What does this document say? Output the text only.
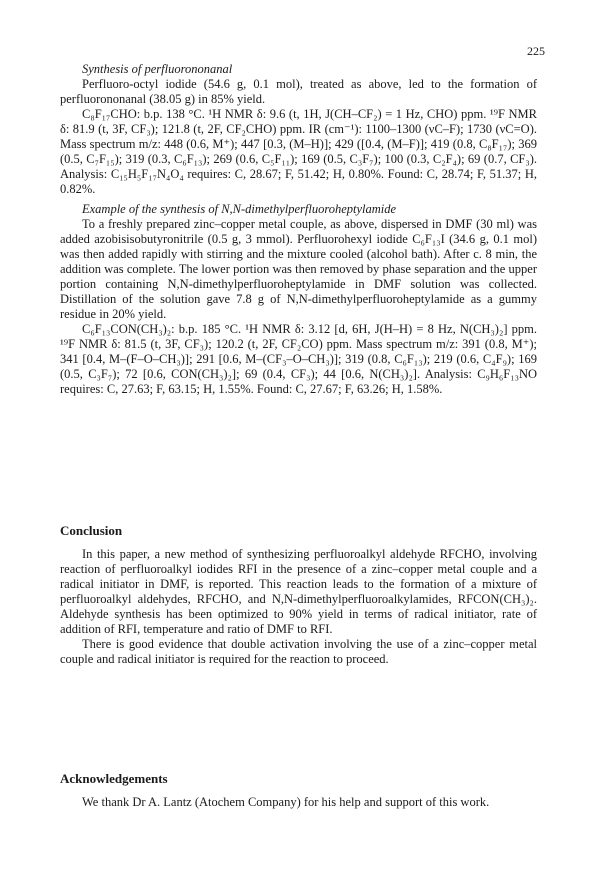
225

Synthesis of perfluorononanal

Perfluoro-octyl iodide (54.6 g, 0.1 mol), treated as above, led to the formation of perfluorononanal (38.05 g) in 85% yield.

C₈F₁₇CHO: b.p. 138 °C. ¹H NMR δ: 9.6 (t, 1H, J(CH–CF₂) = 1 Hz, CHO) ppm. ¹⁹F NMR δ: 81.9 (t, 3F, CF₃); 121.8 (t, 2F, CF₂CHO) ppm. IR (cm⁻¹): 1100–1300 (νC–F); 1730 (νC=O). Mass spectrum m/z: 448 (0.6, M⁺); 447 [0.3, (M–H)]; 429 ([0.4, (M–F)]; 419 (0.8, C₈F₁₇); 369 (0.5, C₇F₁₅); 319 (0.3, C₆F₁₃); 269 (0.6, C₅F₁₁); 169 (0.5, C₃F₇); 100 (0.3, C₂F₄); 69 (0.7, CF₃). Analysis: C₁₅H₅F₁₇N₄O₄ requires: C, 28.67; F, 51.42; H, 0.80%. Found: C, 28.74; F, 51.37; H, 0.82%.

Example of the synthesis of N,N-dimethylperfluoroheptylamide

To a freshly prepared zinc–copper metal couple, as above, dispersed in DMF (30 ml) was added azobisisobutyronitrile (0.5 g, 3 mmol). Perfluorohexyl iodide C₆F₁₃I (34.6 g, 0.1 mol) was then added rapidly with stirring and the mixture cooled (alcohol bath). After c. 8 min, the addition was complete. The lower portion was then removed by phase separation and the upper portion containing N,N-dimethylperfluoroheptylamide in DMF solution was collected. Distillation of the solution gave 7.8 g of N,N-dimethylperfluoroheptylamide as a gummy residue in 20% yield.

C₆F₁₃CON(CH₃)₂: b.p. 185 °C. ¹H NMR δ: 3.12 [d, 6H, J(H–H) = 8 Hz, N(CH₃)₂] ppm. ¹⁹F NMR δ: 81.5 (t, 3F, CF₃); 120.2 (t, 2F, CF₂CO) ppm. Mass spectrum m/z: 391 (0.8, M⁺); 341 [0.4, M–(F–O–CH₃)]; 291 [0.6, M–(CF₃–O–CH₃)]; 319 (0.8, C₆F₁₃); 219 (0.6, C₄F₉); 169 (0.5, C₃F₇); 72 [0.6, CON(CH₃)₂]; 69 (0.4, CF₃); 44 [0.6, N(CH₃)₂]. Analysis: C₉H₆F₁₃NO requires: C, 27.63; F, 63.15; H, 1.55%. Found: C, 27.67; F, 63.26; H, 1.58%.

Conclusion

In this paper, a new method of synthesizing perfluoroalkyl aldehyde RFCHO, involving reaction of perfluoroalkyl iodides RFI in the presence of a zinc–copper metal couple and a radical initiator in DMF, is reported. This reaction leads to the formation of a mixture of perfluoroalkyl aldehydes, RFCHO, and N,N-dimethylperfluoroalkylamides, RFCON(CH₃)₂. Aldehyde synthesis has been optimized to 90% yield in terms of radical initiator, rate of addition of RFI, temperature and ratio of DMF to RFI.

There is good evidence that double activation involving the use of a zinc–copper metal couple and radical initiator is required for the reaction to proceed.

Acknowledgements

We thank Dr A. Lantz (Atochem Company) for his help and support of this work.
